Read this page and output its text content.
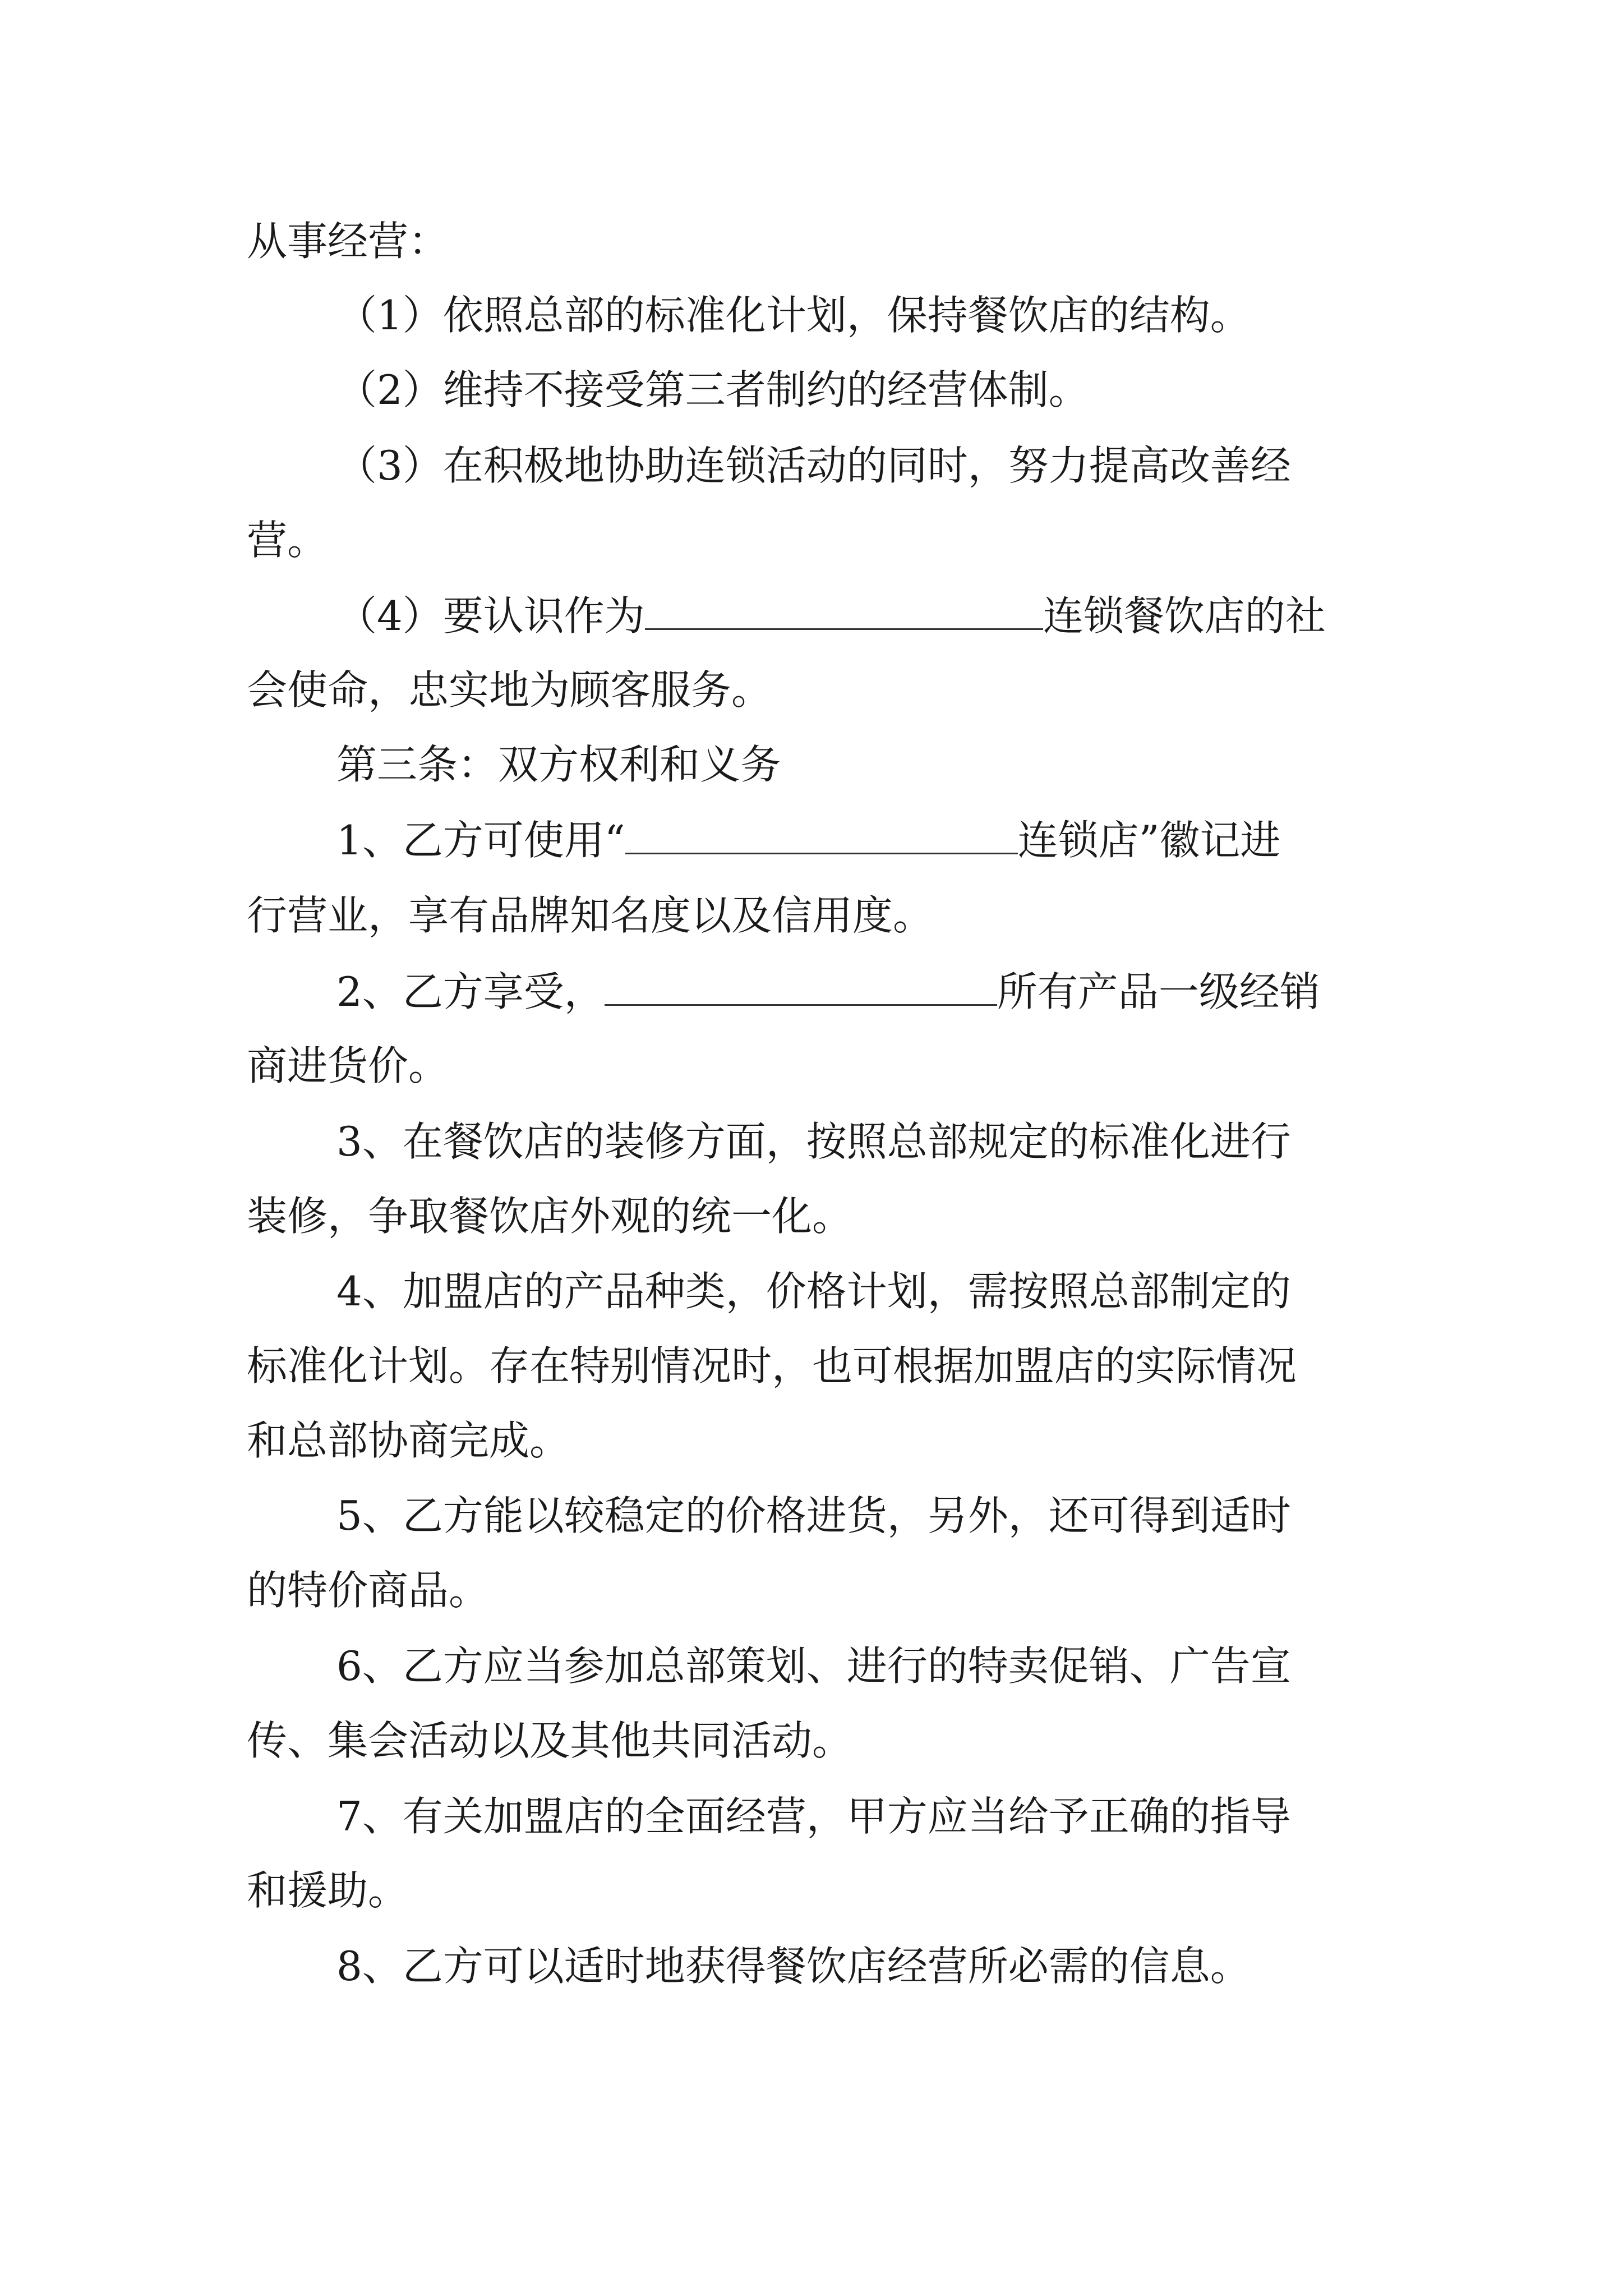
从事经营：
（1）依照总部的标准化计划，保持餐饮店的结构。
（2）维持不接受第三者制约的经营体制。
（3）在积极地协助连锁活动的同时，努力提高改善经
营。
（4）要认识作为	连锁餐饮店的社
会使命，忠实地为顾客服务。
第三条：双方权利和义务
1、乙方可使用“	连锁店”徽记进
行营业，享有品牌知名度以及信用度。
2、乙方享受，	所有产品一级经销
商进货价。
3、在餐饮店的装修方面，按照总部规定的标准化进行
装修，争取餐饮店外观的统一化。
4、加盟店的产品种类，价格计划，需按照总部制定的
标准化计划。存在特别情况时，也可根据加盟店的实际情况
和总部协商完成。
5、乙方能以较稳定的价格进货，另外，还可得到适时
的特价商品。
6、乙方应当参加总部策划、进行的特卖促销、广告宣
传、集会活动以及其他共同活动。
7、有关加盟店的全面经营，甲方应当给予正确的指导
和援助。
8、乙方可以适时地获得餐饮店经营所必需的信息。
